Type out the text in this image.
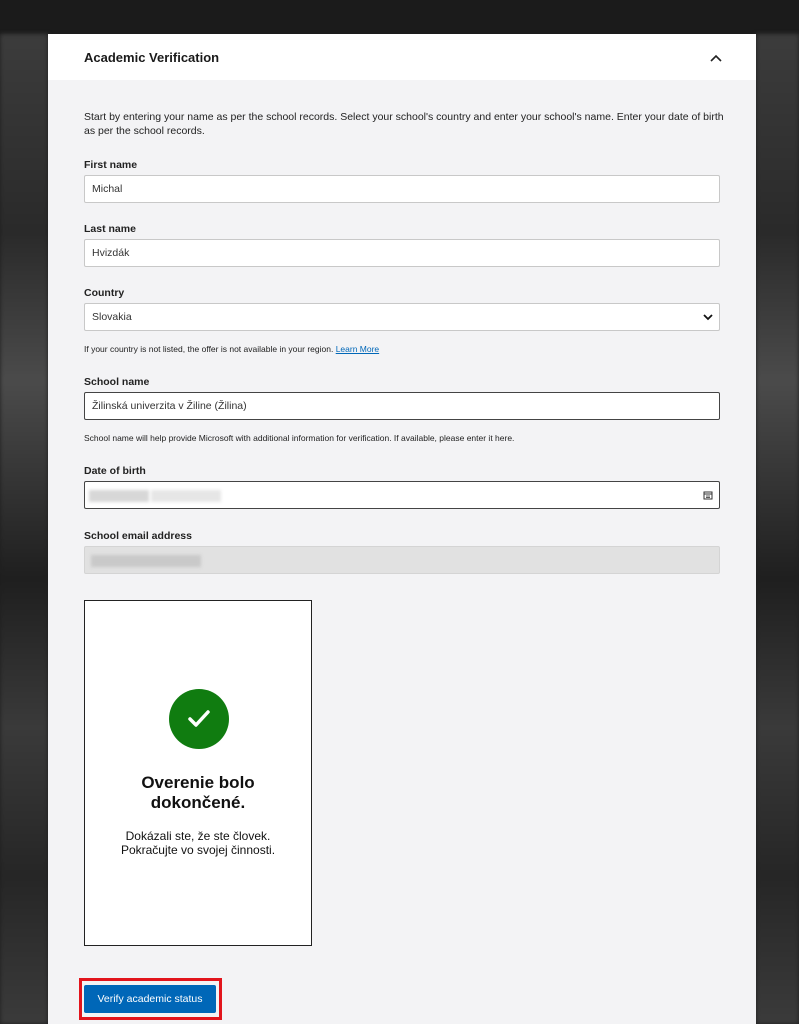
Academic Verification
Start by entering your name as per the school records. Select your school's country and enter your school's name. Enter your date of birth as per the school records.
First name
Michal
Last name
Hvizdák
Country
Slovakia
If your country is not listed, the offer is not available in your region. Learn More
School name
Žilinská univerzita v Žiline (Žilina)
School name will help provide Microsoft with additional information for verification. If available, please enter it here.
Date of birth
School email address
Overenie bolo
dokončené.
Dokázali ste, že ste človek.
Pokračujte vo svojej činnosti.
Verify academic status
